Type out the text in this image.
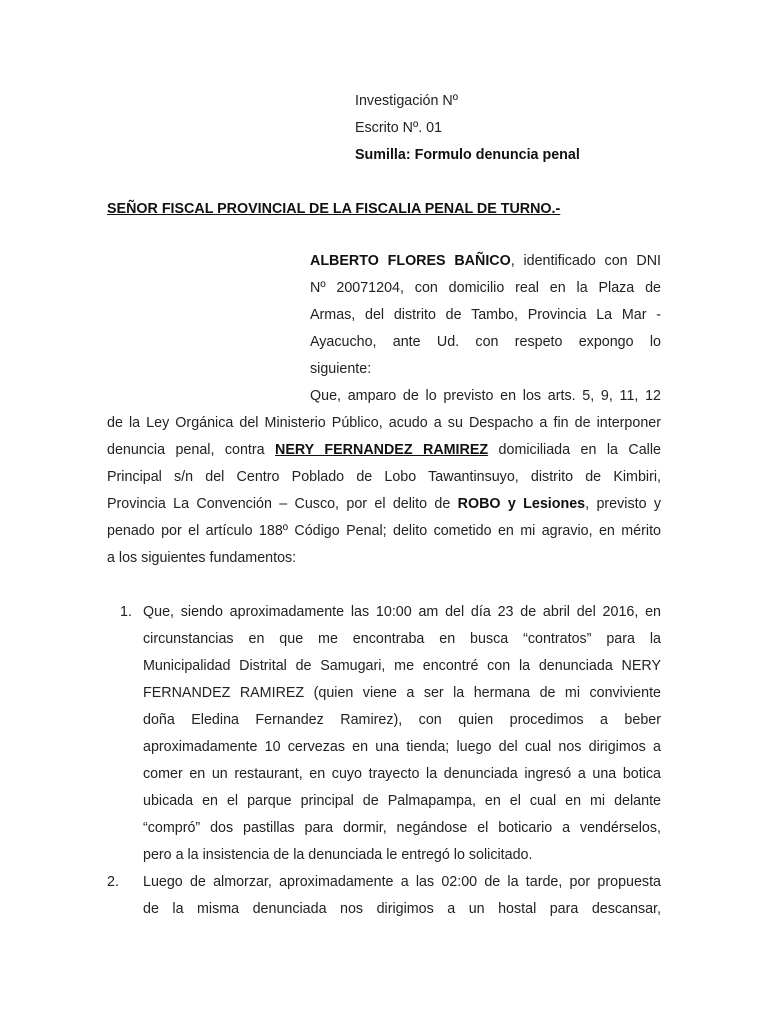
Investigación Nº
Escrito Nº. 01
Sumilla: Formulo denuncia penal
SEÑOR FISCAL PROVINCIAL DE LA FISCALIA PENAL DE TURNO.-
ALBERTO FLORES BAÑICO, identificado con DNI
Nº 20071204, con domicilio real en la Plaza de
Armas, del distrito de Tambo, Provincia La Mar -
Ayacucho, ante Ud. con respeto expongo lo
siguiente:
Que, amparo de lo previsto en los arts. 5, 9, 11, 12
de la Ley Orgánica del Ministerio Público, acudo a su Despacho a fin de interponer
denuncia penal, contra NERY FERNANDEZ RAMIREZ domiciliada en la Calle
Principal s/n del Centro Poblado de Lobo Tawantinsuyo, distrito de Kimbiri,
Provincia La Convención – Cusco, por el delito de ROBO y Lesiones, previsto y
penado por el artículo 188º Código Penal; delito cometido en mi agravio, en mérito
a los siguientes fundamentos:
1. Que, siendo aproximadamente las 10:00 am del día 23 de abril del 2016, en
circunstancias en que me encontraba en busca “contratos” para la
Municipalidad Distrital de Samugari, me encontré con la denunciada NERY
FERNANDEZ RAMIREZ (quien viene a ser la hermana de mi conviviente
doña Eledina Fernandez Ramirez), con quien procedimos a beber
aproximadamente 10 cervezas en una tienda; luego del cual nos dirigimos a
comer en un restaurant, en cuyo trayecto la denunciada ingresó a una botica
ubicada en el parque principal de Palmapampa, en el cual en mi delante
“compró” dos pastillas para dormir, negándose el boticario a vendérselos,
pero a la insistencia de la denunciada le entregó lo solicitado.
2. Luego de almorzar, aproximadamente a las 02:00 de la tarde, por propuesta
de la misma denunciada nos dirigimos a un hostal para descansar,
